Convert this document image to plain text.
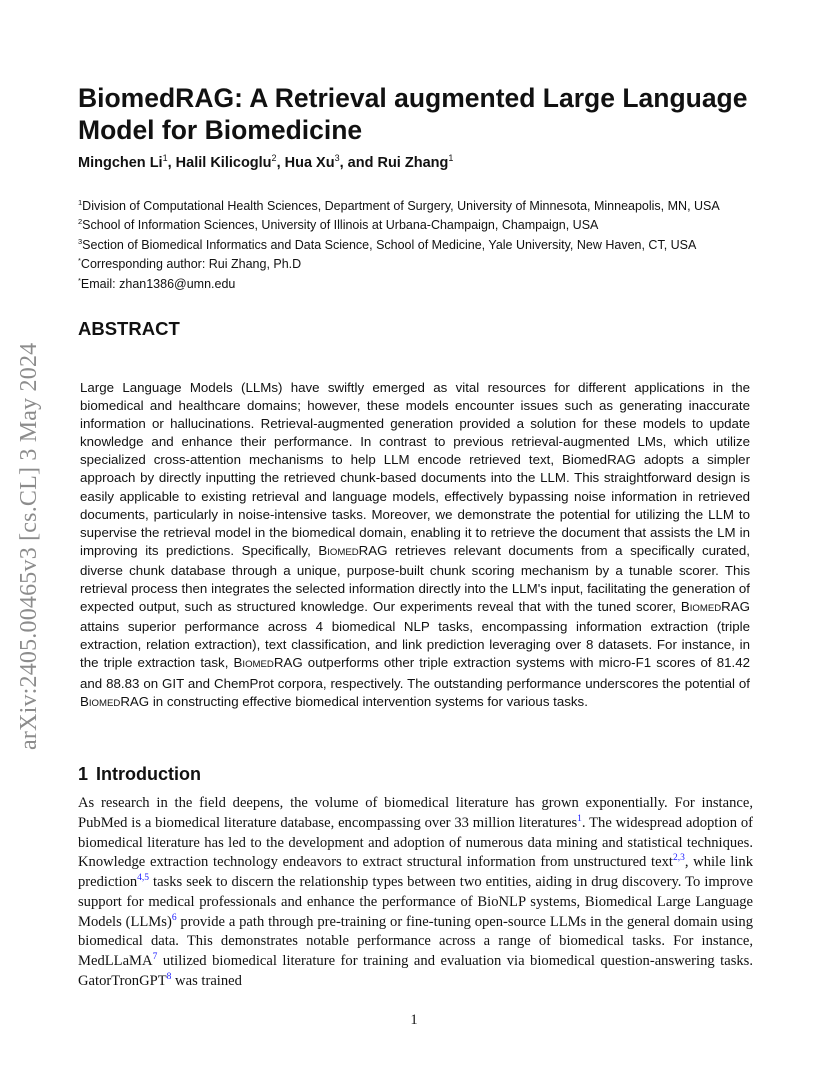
arXiv:2405.00465v3 [cs.CL] 3 May 2024
BiomedRAG: A Retrieval augmented Large Language Model for Biomedicine
Mingchen Li$^1$, Halil Kilicoglu$^2$, Hua Xu$^3$, and Rui Zhang$^1$
$^1$Division of Computational Health Sciences, Department of Surgery, University of Minnesota, Minneapolis, MN, USA
$^2$School of Information Sciences, University of Illinois at Urbana-Champaign, Champaign, USA
$^3$Section of Biomedical Informatics and Data Science, School of Medicine, Yale University, New Haven, CT, USA
*Corresponding author: Rui Zhang, Ph.D
*Email: zhan1386@umn.edu
ABSTRACT

Large Language Models (LLMs) have swiftly emerged as vital resources for different applications in the biomedical and healthcare domains; however, these models encounter issues such as generating inaccurate information or hallucinations. Retrieval-augmented generation provided a solution for these models to update knowledge and enhance their performance. In contrast to previous retrieval-augmented LMs, which utilize specialized cross-attention mechanisms to help LLM encode retrieved text, BiomedRAG adopts a simpler approach by directly inputting the retrieved chunk-based documents into the LLM. This straightforward design is easily applicable to existing retrieval and language models, effectively bypassing noise information in retrieved documents, particularly in noise-intensive tasks. Moreover, we demonstrate the potential for utilizing the LLM to supervise the retrieval model in the biomedical domain, enabling it to retrieve the document that assists the LM in improving its predictions. Specifically, BIOMEDRAG retrieves relevant documents from a specifically curated, diverse chunk database through a unique, purpose-built chunk scoring mechanism by a tunable scorer. This retrieval process then integrates the selected information directly into the LLM's input, facilitating the generation of expected output, such as structured knowledge. Our experiments reveal that with the tuned scorer, BIOMEDRAG attains superior performance across 4 biomedical NLP tasks, encompassing information extraction (triple extraction, relation extraction), text classification, and link prediction leveraging over 8 datasets. For instance, in the triple extraction task, BIOMEDRAG outperforms other triple extraction systems with micro-F1 scores of 81.42 and 88.83 on GIT and ChemProt corpora, respectively. The outstanding performance underscores the potential of BIOMEDRAG in constructing effective biomedical intervention systems for various tasks.

1 Introduction

As research in the field deepens, the volume of biomedical literature has grown exponentially. For instance, PubMed is a biomedical literature database, encompassing over 33 million literatures$^1$. The widespread adoption of biomedical literature has led to the development and adoption of numerous data mining and statistical techniques. Knowledge extraction technology endeavors to extract structural information from unstructured text$^{2,3}$, while link prediction$^{4,5}$ tasks seek to discern the relationship types between two entities, aiding in drug discovery. To improve support for medical professionals and enhance the performance of BioNLP systems, Biomedical Large Language Models (LLMs)$^6$ provide a path through pre-training or fine-tuning open-source LLMs in the general domain using biomedical data. This demonstrates notable performance across a range of biomedical tasks. For instance, MedLLaMA$^7$ utilized biomedical literature for training and evaluation via biomedical question-answering tasks. GatorTronGPT$^8$ was trained

1
